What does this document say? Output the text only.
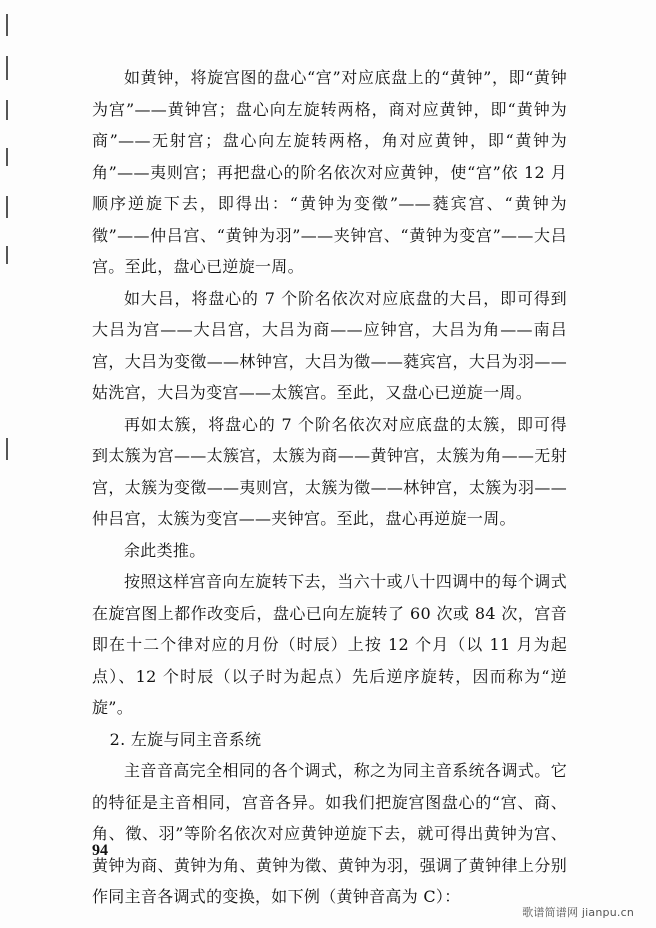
如黄钟，将旋宫图的盘心“宫”对应底盘上的“黄钟”，即“黄钟为宫”——黄钟宫；盘心向左旋转两格，商对应黄钟，即“黄钟为商”——无射宫；盘心向左旋转两格，角对应黄钟，即“黄钟为角”——夷则宫；再把盘心的阶名依次对应黄钟，使“宫”依 12 月顺序逆旋下去，即得出：“黄钟为变徵”——蕤宾宫、“黄钟为徵”——仲吕宫、“黄钟为羽”——夹钟宫、“黄钟为变宫”——大吕宫。至此，盘心已逆旋一周。

如大吕，将盘心的 7 个阶名依次对应底盘的大吕，即可得到大吕为宫——大吕宫，大吕为商——应钟宫，大吕为角——南吕宫，大吕为变徵——林钟宫，大吕为徵——蕤宾宫，大吕为羽——姑洗宫，大吕为变宫——太簇宫。至此，又盘心已逆旋一周。

再如太簇，将盘心的 7 个阶名依次对应底盘的太簇，即可得到太簇为宫——太簇宫，太簇为商——黄钟宫，太簇为角——无射宫，太簇为变徵——夷则宫，太簇为徵——林钟宫，太簇为羽——仲吕宫，太簇为变宫——夹钟宫。至此，盘心再逆旋一周。

余此类推。

按照这样宫音向左旋转下去，当六十或八十四调中的每个调式在旋宫图上都作改变后，盘心已向左旋转了 60 次或 84 次，宫音即在十二个律对应的月份（时辰）上按 12 个月（以 11 月为起点）、12 个时辰（以子时为起点）先后逆序旋转，因而称为“逆旋”。

2. 左旋与同主音系统

主音音高完全相同的各个调式，称之为同主音系统各调式。它的特征是主音相同，宫音各异。如我们把旋宫图盘心的“宫、商、角、徵、羽”等阶名依次对应黄钟逆旋下去，就可得出黄钟为宫、黄钟为商、黄钟为角、黄钟为徵、黄钟为羽，强调了黄钟律上分别作同主音各调式的变换，如下例（黄钟音高为 C）：

94
歌谱简谱网 jianpu.cn
